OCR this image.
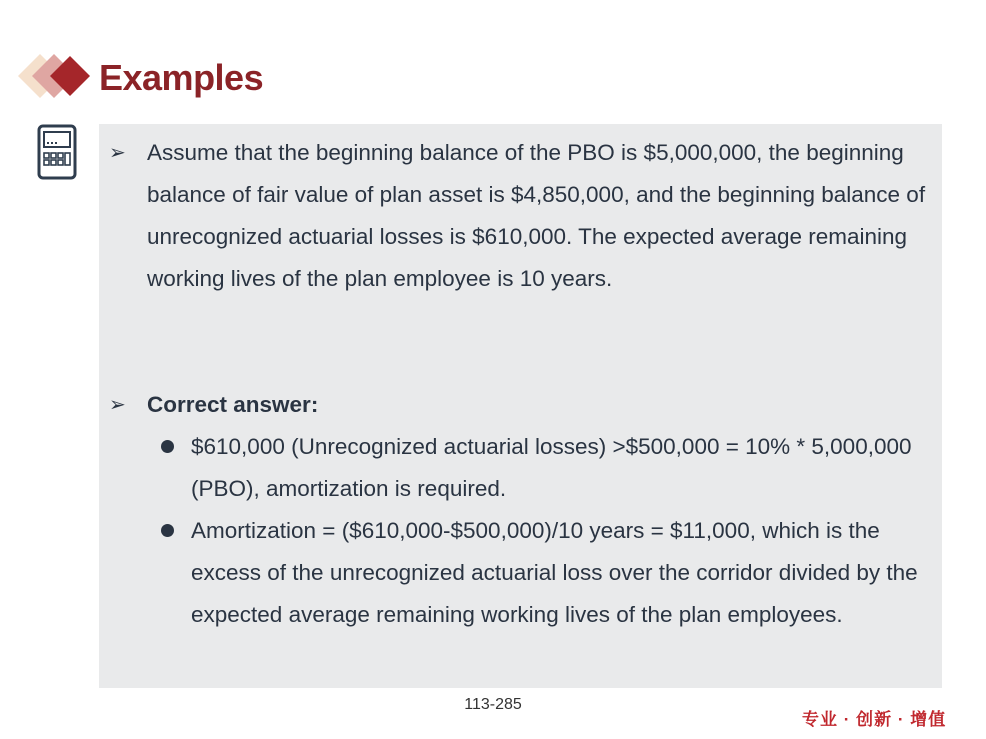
Examples
➢ Assume that the beginning balance of the PBO is $5,000,000, the beginning balance of fair value of plan asset is $4,850,000, and the beginning balance of unrecognized actuarial losses is $610,000. The expected average remaining working lives of the plan employee is 10 years.

➢ Correct answer:

$610,000 (Unrecognized actuarial losses) >$500,000 = 10% * 5,000,000 (PBO), amortization is required.

Amortization = ($610,000-$500,000)/10 years = $11,000, which is the excess of the unrecognized actuarial loss over the corridor divided by the expected average remaining working lives of the plan employees.

113-285
专业 · 创新 · 增值
